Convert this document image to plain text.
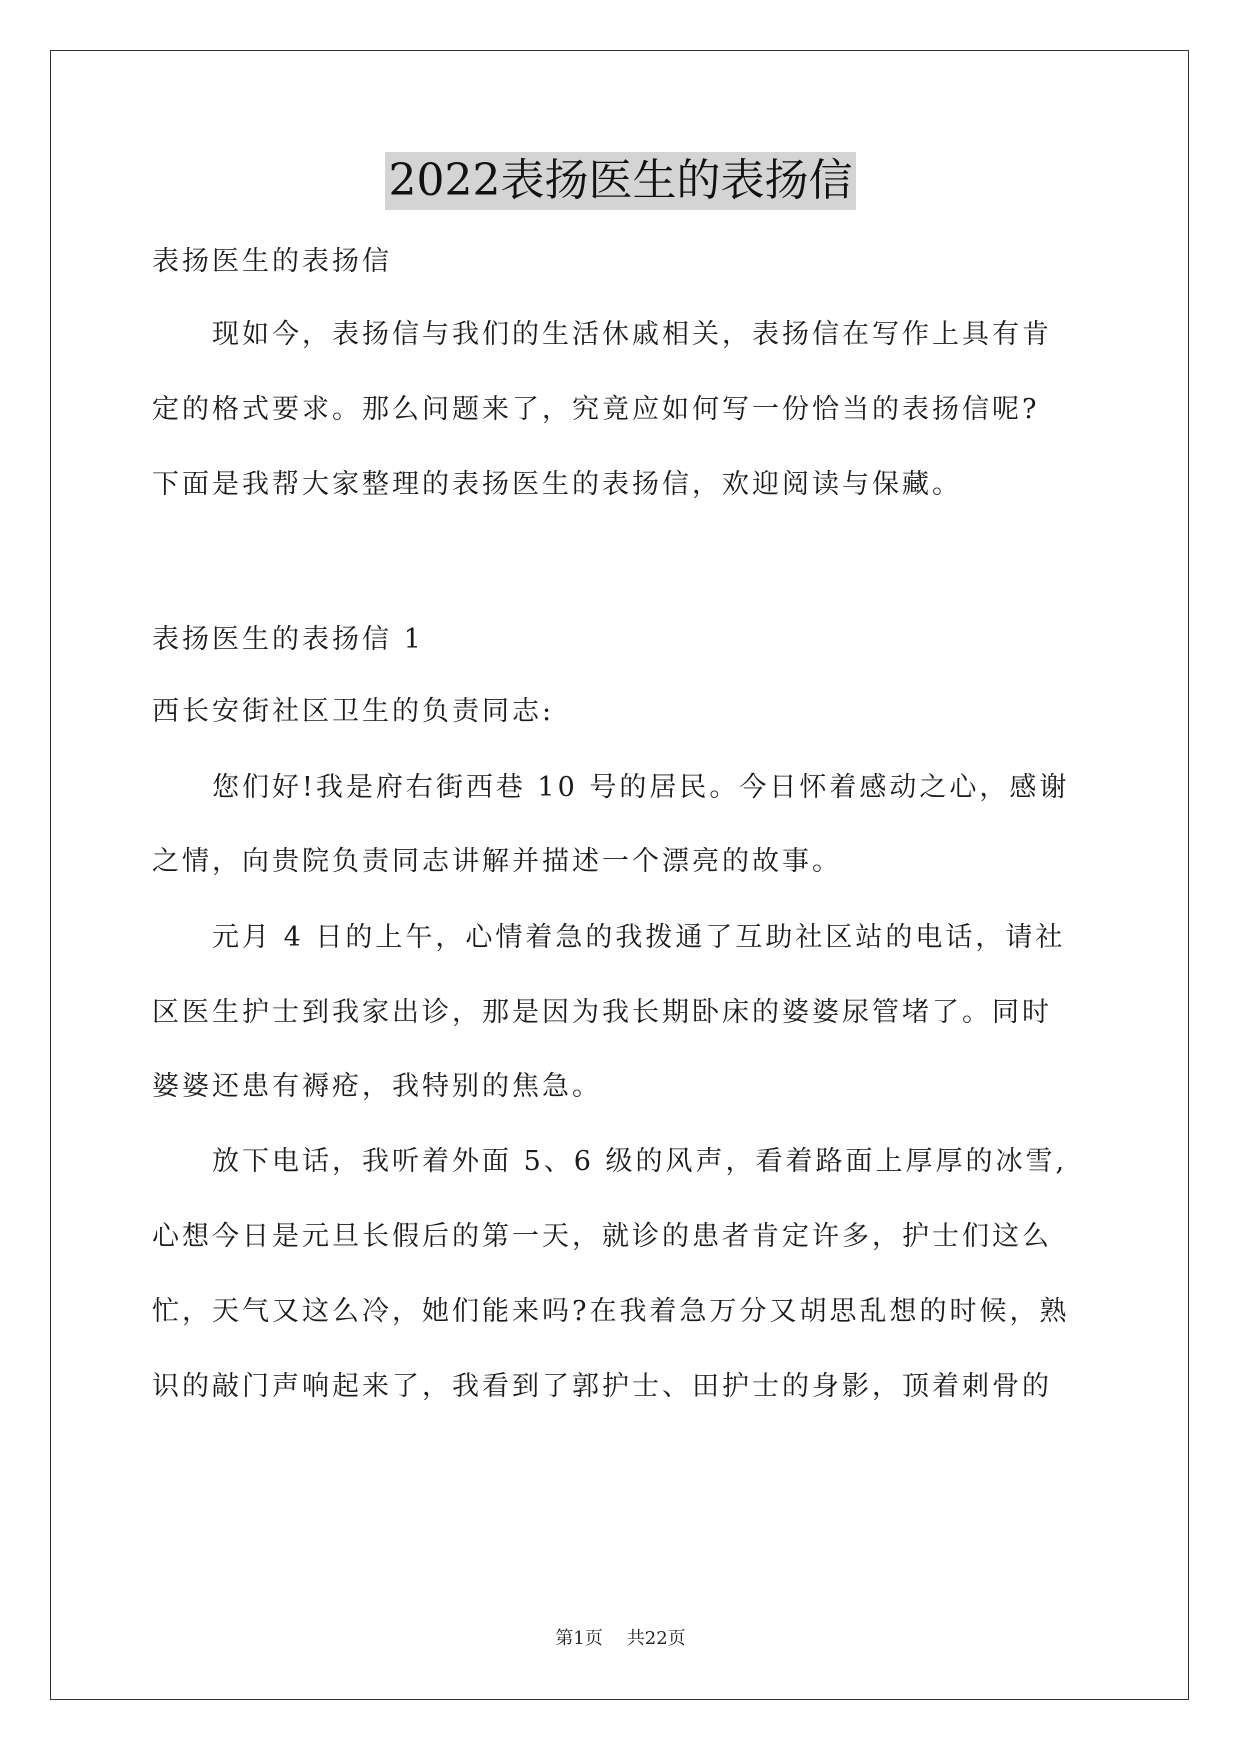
2022表扬医生的表扬信
表扬医生的表扬信
　　现如今，表扬信与我们的生活休戚相关，表扬信在写作上具有肯
定的格式要求。那么问题来了，究竟应如何写一份恰当的表扬信呢?
下面是我帮大家整理的表扬医生的表扬信，欢迎阅读与保藏。
表扬医生的表扬信 1
西长安街社区卫生的负责同志:
　　您们好!我是府右街西巷 10 号的居民。今日怀着感动之心，感谢
之情，向贵院负责同志讲解并描述一个漂亮的故事。
　　元月 4 日的上午，心情着急的我拨通了互助社区站的电话，请社
区医生护士到我家出诊，那是因为我长期卧床的婆婆尿管堵了。同时
婆婆还患有褥疮，我特别的焦急。
　　放下电话，我听着外面 5、6 级的风声，看着路面上厚厚的冰雪,
心想今日是元旦长假后的第一天，就诊的患者肯定许多，护士们这么
忙，天气又这么冷，她们能来吗?在我着急万分又胡思乱想的时候，熟
识的敲门声响起来了，我看到了郭护士、田护士的身影，顶着刺骨的
第1页 共22页
